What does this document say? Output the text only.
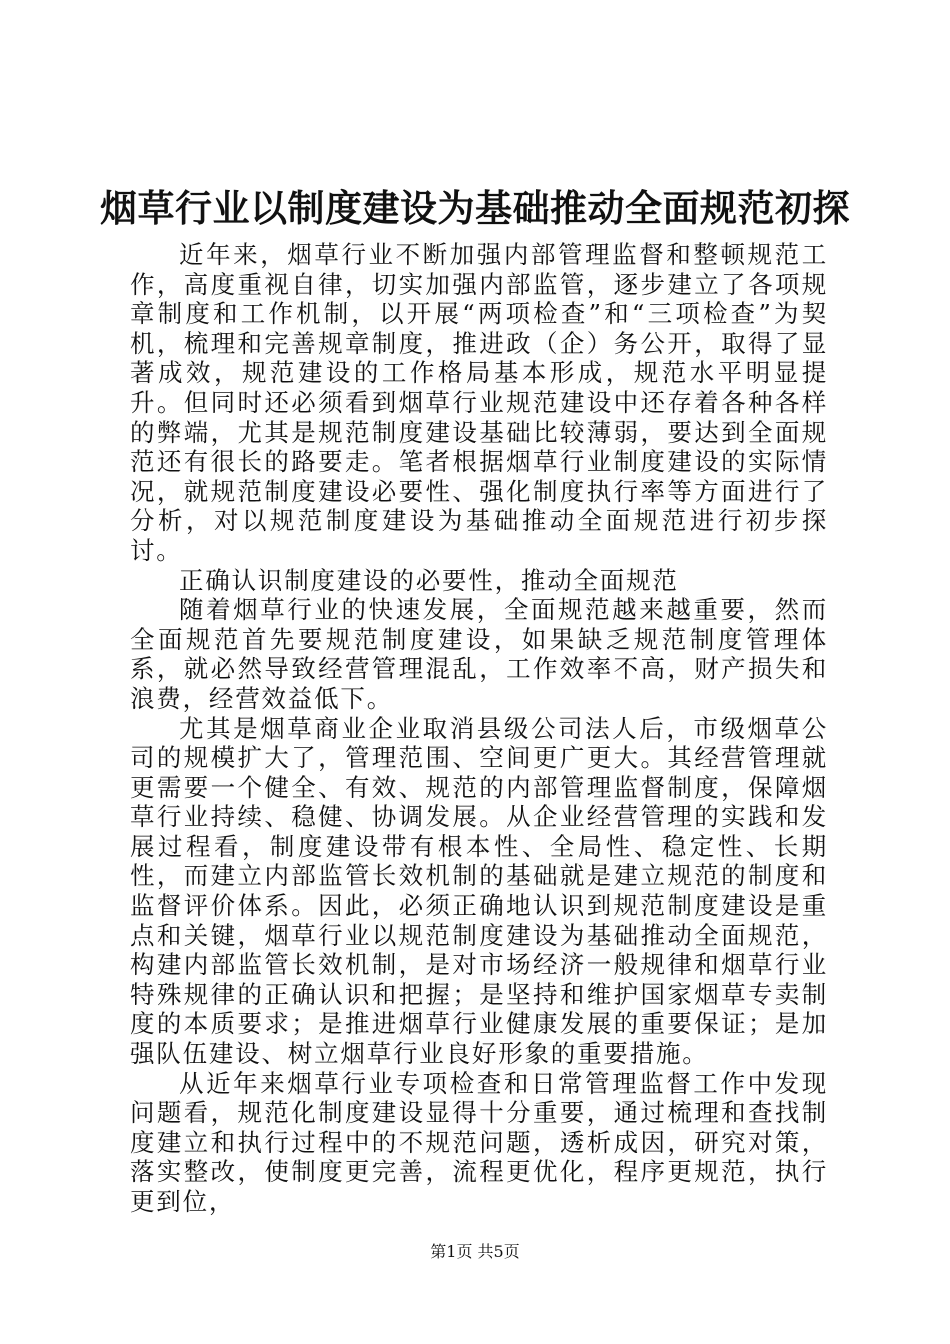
烟草行业以制度建设为基础推动全面规范初探

近年来，烟草行业不断加强内部管理监督和整顿规范工作，高度重视自律，切实加强内部监管，逐步建立了各项规章制度和工作机制，以开展“两项检查”和“三项检查”为契机，梳理和完善规章制度，推进政（企）务公开，取得了显著成效，规范建设的工作格局基本形成，规范水平明显提升。但同时还必须看到烟草行业规范建设中还存着各种各样的弊端，尤其是规范制度建设基础比较薄弱，要达到全面规范还有很长的路要走。笔者根据烟草行业制度建设的实际情况，就规范制度建设必要性、强化制度执行率等方面进行了分析，对以规范制度建设为基础推动全面规范进行初步探讨。

正确认识制度建设的必要性，推动全面规范

随着烟草行业的快速发展，全面规范越来越重要，然而全面规范首先要规范制度建设，如果缺乏规范制度管理体系，就必然导致经营管理混乱，工作效率不高，财产损失和浪费，经营效益低下。

尤其是烟草商业企业取消县级公司法人后，市级烟草公司的规模扩大了，管理范围、空间更广更大。其经营管理就更需要一个健全、有效、规范的内部管理监督制度，保障烟草行业持续、稳健、协调发展。从企业经营管理的实践和发展过程看，制度建设带有根本性、全局性、稳定性、长期性，而建立内部监管长效机制的基础就是建立规范的制度和监督评价体系。因此，必须正确地认识到规范制度建设是重点和关键，烟草行业以规范制度建设为基础推动全面规范，构建内部监管长效机制，是对市场经济一般规律和烟草行业特殊规律的正确认识和把握；是坚持和维护国家烟草专卖制度的本质要求；是推进烟草行业健康发展的重要保证；是加强队伍建设、树立烟草行业良好形象的重要措施。

从近年来烟草行业专项检查和日常管理监督工作中发现问题看，规范化制度建设显得十分重要，通过梳理和查找制度建立和执行过程中的不规范问题，透析成因，研究对策，落实整改，使制度更完善，流程更优化，程序更规范，执行更到位，

第1页 共5页
